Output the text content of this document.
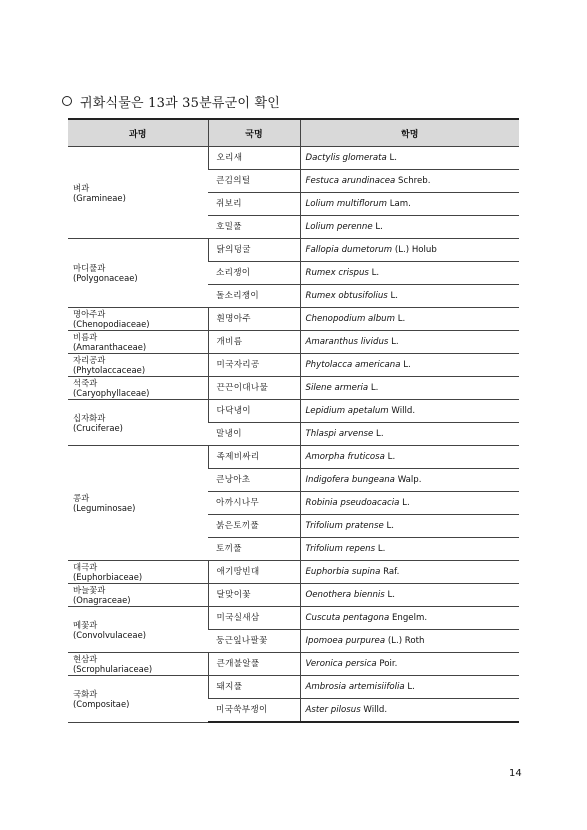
귀화식물은 13과 35분류군이 확인
과명	국명	학명

벼과
(Gramineae)	오리새	Dactylis glomerata L.
	큰김의털	Festuca arundinacea Schreb.
	쥐보리	Lolium multiflorum Lam.
	호밀풀	Lolium perenne L.

마디풀과
(Polygonaceae)	닭의덩굴	Fallopia dumetorum (L.) Holub
	소리쟁이	Rumex crispus L.
	돌소리쟁이	Rumex obtusifolius L.

명아주과
(Chenopodiaceae)	흰명아주	Chenopodium album L.

비름과
(Amaranthaceae)	개비름	Amaranthus lividus L.

자리공과
(Phytolaccaceae)	미국자리공	Phytolacca americana L.

석죽과
(Caryophyllaceae)	끈끈이대나물	Silene armeria L.

십자화과
(Cruciferae)	다닥냉이	Lepidium apetalum Willd.
	말냉이	Thlaspi arvense L.

콩과
(Leguminosae)	족제비싸리	Amorpha fruticosa L.
	큰낭아초	Indigofera bungeana Walp.
	아까시나무	Robinia pseudoacacia L.
	붉은토끼풀	Trifolium pratense L.
	토끼풀	Trifolium repens L.

대극과
(Euphorbiaceae)	애기땅빈대	Euphorbia supina Raf.

바늘꽃과
(Onagraceae)	달맞이꽃	Oenothera biennis L.

메꽃과
(Convolvulaceae)	미국실새삼	Cuscuta pentagona Engelm.
	둥근잎나팔꽃	Ipomoea purpurea (L.) Roth

현삼과
(Scrophulariaceae)	큰개불알풀	Veronica persica Poir.

국화과
(Compositae)	돼지풀	Ambrosia artemisiifolia L.
	미국쑥부쟁이	Aster pilosus Willd.
14
